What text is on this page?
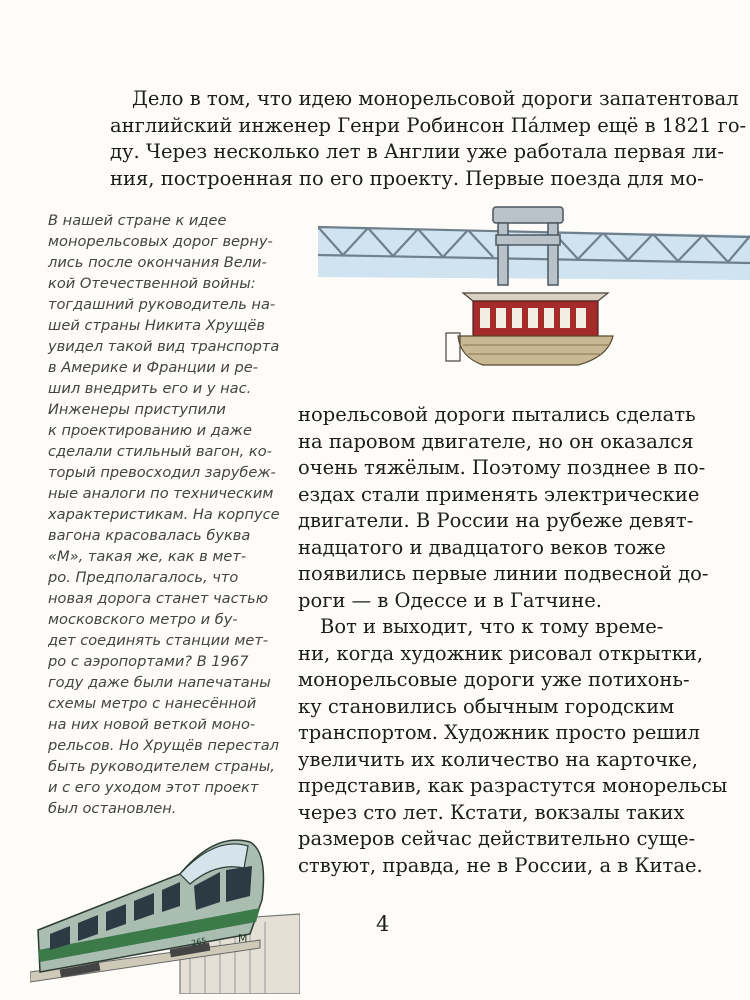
Дело в том, что идею монорельсовой дороги запатентовал
английский инженер Генри Робинсон Па́лмер ещё в 1821 го-
ду. Через несколько лет в Англии уже работала первая ли-
ния, построенная по его проекту. Первые поезда для мо-
В нашей стране к идее
монорельсовых дорог верну-
лись после окончания Вели-
кой Отечественной войны:
тогдашний руководитель на-
шей страны Никита Хрущёв
увидел такой вид транспорта
в Америке и Франции и ре-
шил внедрить его и у нас.
Инженеры приступили
к проектированию и даже
сделали стильный вагон, ко-
торый превосходил зарубеж-
ные аналоги по техническим
характеристикам. На корпусе
вагона красовалась буква
«М», такая же, как в мет-
ро. Предполагалось, что
новая дорога станет частью
московского метро и бу-
дет соединять станции мет-
ро с аэропортами? В 1967
году даже были напечатаны
схемы метро с нанесённой
на них новой веткой моно-
рельсов. Но Хрущёв перестал
быть руководителем страны,
и с его уходом этот проект
был остановлен.
норельсовой дороги пытались сделать
на паровом двигателе, но он оказался
очень тяжёлым. Поэтому позднее в по-
ездах стали применять электрические
двигатели. В России на рубеже девят-
надцатого и двадцатого веков тоже
появились первые линии подвесной до-
роги — в Одессе и в Гатчине.
Вот и выходит, что к тому време-
ни, когда художник рисовал открытки,
монорельсовые дороги уже потихонь-
ку становились обычным городским
транспортом. Художник просто решил
увеличить их количество на карточке,
представив, как разрастутся монорельсы
через сто лет. Кстати, вокзалы таких
размеров сейчас действительно суще-
ствуют, правда, не в России, а в Китае.
М
265
4
